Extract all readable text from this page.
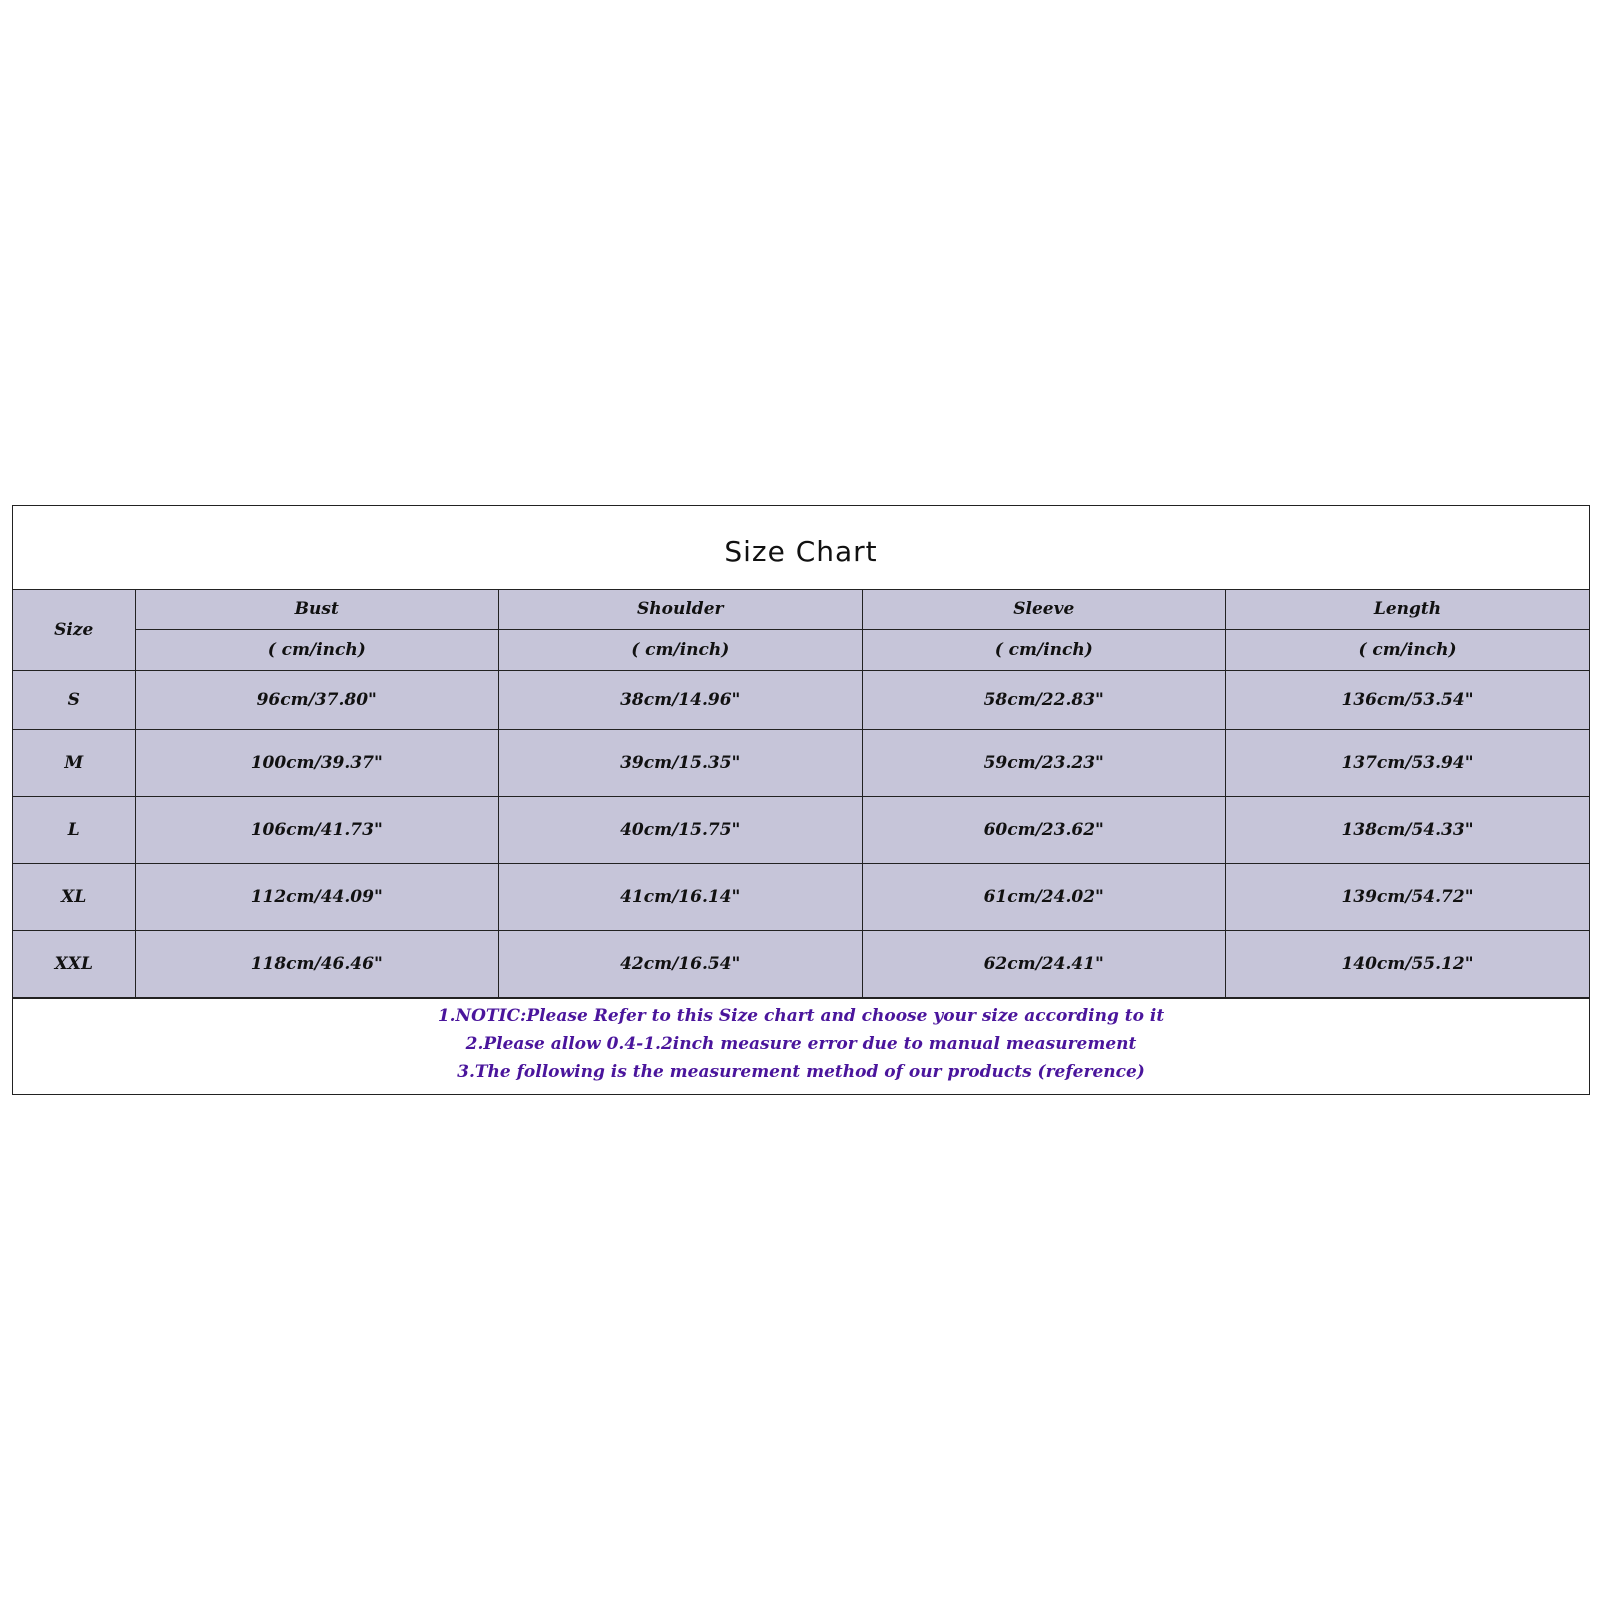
Size Chart
Size	Bust	Shoulder	Sleeve	Length
	( cm/inch)	( cm/inch)	( cm/inch)	( cm/inch)
S	96cm/37.80"	38cm/14.96"	58cm/22.83"	136cm/53.54"
M	100cm/39.37"	39cm/15.35"	59cm/23.23"	137cm/53.94"
L	106cm/41.73"	40cm/15.75"	60cm/23.62"	138cm/54.33"
XL	112cm/44.09"	41cm/16.14"	61cm/24.02"	139cm/54.72"
XXL	118cm/46.46"	42cm/16.54"	62cm/24.41"	140cm/55.12"
1.NOTIC:Please Refer to this Size chart and choose your size according to it
2.Please allow 0.4-1.2inch measure error due to manual measurement
3.The following is the measurement method of our products (reference)
